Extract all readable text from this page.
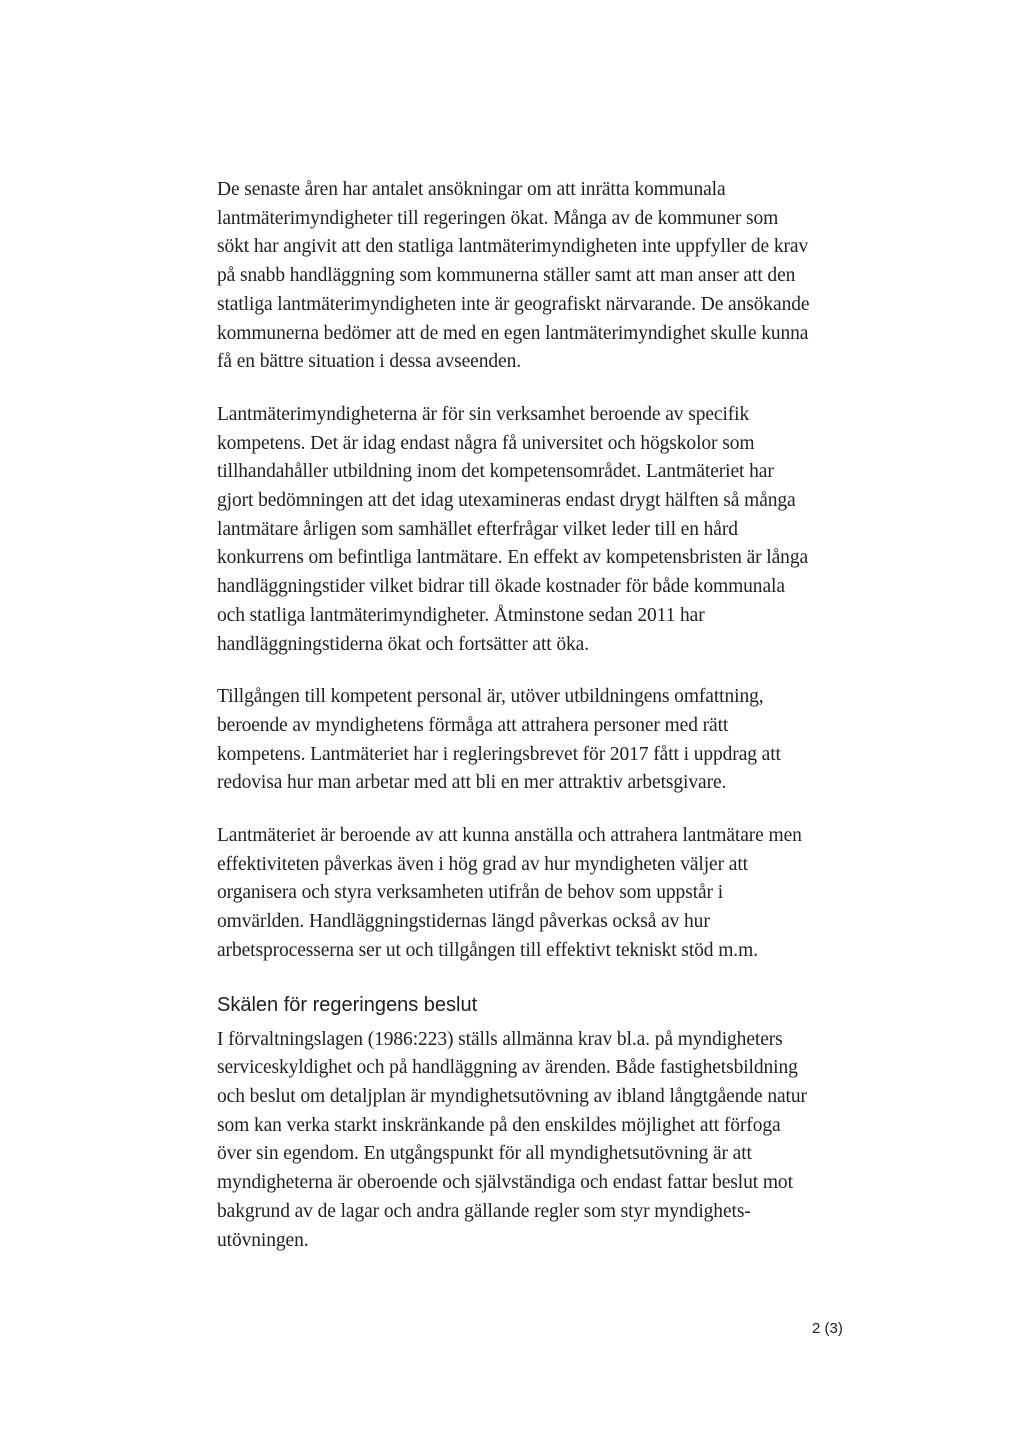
De senaste åren har antalet ansökningar om att inrätta kommunala
lantmäterimyndigheter till regeringen ökat. Många av de kommuner som
sökt har angivit att den statliga lantmäterimyndigheten inte uppfyller de krav
på snabb handläggning som kommunerna ställer samt att man anser att den
statliga lantmäterimyndigheten inte är geografiskt närvarande. De ansökande
kommunerna bedömer att de med en egen lantmäterimyndighet skulle kunna
få en bättre situation i dessa avseenden.

Lantmäterimyndigheterna är för sin verksamhet beroende av specifik
kompetens. Det är idag endast några få universitet och högskolor som
tillhandahåller utbildning inom det kompetensområdet. Lantmäteriet har
gjort bedömningen att det idag utexamineras endast drygt hälften så många
lantmätare årligen som samhället efterfrågar vilket leder till en hård
konkurrens om befintliga lantmätare. En effekt av kompetensbristen är långa
handläggningstider vilket bidrar till ökade kostnader för både kommunala
och statliga lantmäterimyndigheter. Åtminstone sedan 2011 har
handläggningstiderna ökat och fortsätter att öka.

Tillgången till kompetent personal är, utöver utbildningens omfattning,
beroende av myndighetens förmåga att attrahera personer med rätt
kompetens. Lantmäteriet har i regleringsbrevet för 2017 fått i uppdrag att
redovisa hur man arbetar med att bli en mer attraktiv arbetsgivare.

Lantmäteriet är beroende av att kunna anställa och attrahera lantmätare men
effektiviteten påverkas även i hög grad av hur myndigheten väljer att
organisera och styra verksamheten utifrån de behov som uppstår i
omvärlden. Handläggningstidernas längd påverkas också av hur
arbetsprocesserna ser ut och tillgången till effektivt tekniskt stöd m.m.

Skälen för regeringens beslut

I förvaltningslagen (1986:223) ställs allmänna krav bl.a. på myndigheters
serviceskyldighet och på handläggning av ärenden. Både fastighetsbildning
och beslut om detaljplan är myndighetsutövning av ibland långtgående natur
som kan verka starkt inskränkande på den enskildes möjlighet att förfoga
över sin egendom. En utgångspunkt för all myndighetsutövning är att
myndigheterna är oberoende och självständiga och endast fattar beslut mot
bakgrund av de lagar och andra gällande regler som styr myndighets-
utövningen.

2 (3)
